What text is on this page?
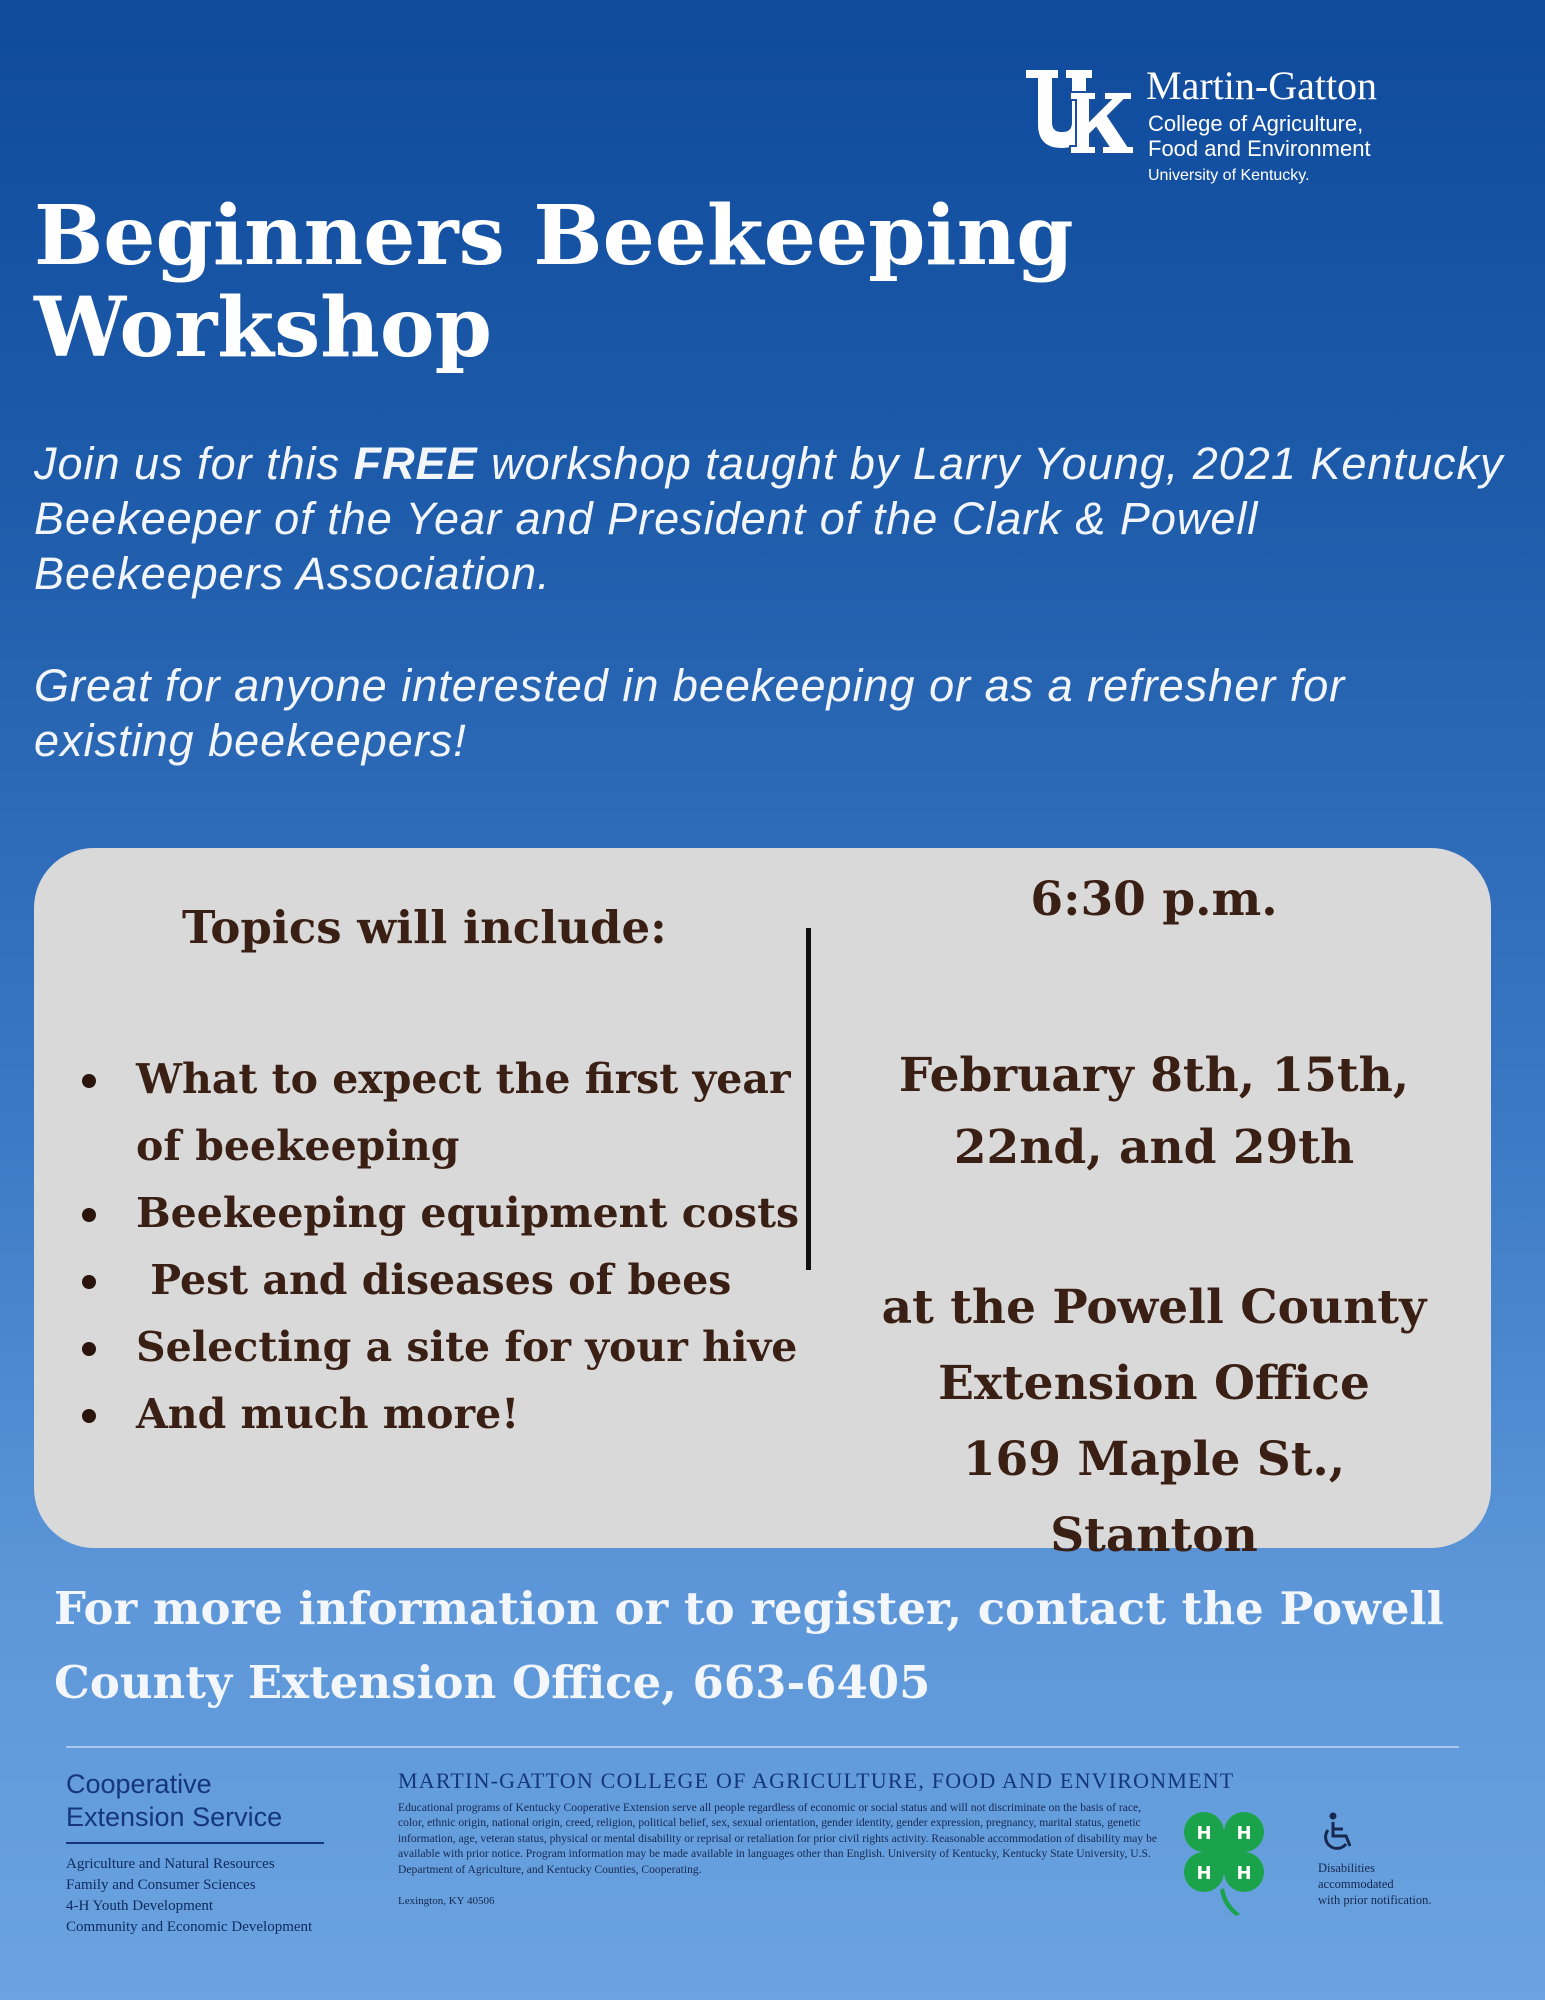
Martin-Gatton
College of Agriculture,
Food and Environment
University of Kentucky.
Beginners Beekeeping
Workshop

Join us for this FREE workshop taught by Larry Young, 2021 Kentucky Beekeeper of the Year and President of the Clark & Powell Beekeepers Association.

Great for anyone interested in beekeeping or as a refresher for existing beekeepers!

Topics will include:
What to expect the first year of beekeeping
Beekeeping equipment costs
Pest and diseases of bees
Selecting a site for your hive
And much more!
6:30 p.m.
February 8th, 15th,
22nd, and 29th
at the Powell County
Extension Office
169 Maple St.,
Stanton

For more information or to register, contact the Powell
County Extension Office, 663-6405

Cooperative
Extension Service
Agriculture and Natural Resources
Family and Consumer Sciences
4-H Youth Development
Community and Economic Development
MARTIN-GATTON COLLEGE OF AGRICULTURE, FOOD AND ENVIRONMENT
Educational programs of Kentucky Cooperative Extension serve all people regardless of economic or social status and will not discriminate on the basis of race, color, ethnic origin, national origin, creed, religion, political belief, sex, sexual orientation, gender identity, gender expression, pregnancy, marital status, genetic information, age, veteran status, physical or mental disability or reprisal or retaliation for prior civil rights activity. Reasonable accommodation of disability may be available with prior notice. Program information may be made available in languages other than English. University of Kentucky, Kentucky State University, U.S. Department of Agriculture, and Kentucky Counties, Cooperating.
Lexington, KY 40506
H H
H H	Disabilities
accommodated
with prior notification.
